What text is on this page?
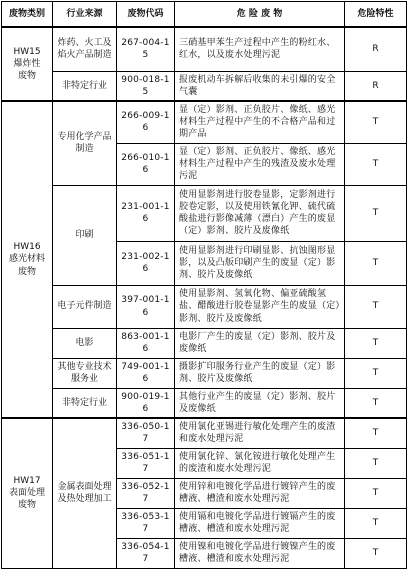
废物类别	行业来源	废物代码	危 险 废 物	危险特性
HW15
爆炸性
废物	炸药、火工及焰火产品制造	267-004-15	三硝基甲苯生产过程中产生的粉红水、红水，以及废水处理污泥	R
	非特定行业	900-018-15	报废机动车拆解后收集的未引爆的安全气囊	R
HW16
感光材料
废物	专用化学产品制造	266-009-16	显（定）影剂、正负胶片、像纸、感光材料生产过程中产生的不合格产品和过期产品	T
		266-010-16	显（定）影剂、正负胶片、像纸、感光材料生产过程中产生的残渣及废水处理污泥	T
	印刷	231-001-16	使用显影剂进行胶卷显影，定影剂进行胶卷定影，以及使用铁氰化钾、硫代硫酸盐进行影像减薄（漂白）产生的废显（定）影剂、胶片及废像纸	T
		231-002-16	使用显影剂进行印刷显影、抗蚀图形显影，以及凸版印刷产生的废显（定）影剂、胶片及废像纸	T
	电子元件制造	397-001-16	使用显影剂、氢氧化物、偏亚硫酸氢盐、醋酸进行胶卷显影产生的废显（定）影剂、胶片及废像纸	T
	电影	863-001-16	电影厂产生的废显（定）影剂、胶片及废像纸	T
	其他专业技术服务业	749-001-16	摄影扩印服务行业产生的废显（定）影剂、胶片及废像纸	T
	非特定行业	900-019-16	其他行业产生的废显（定）影剂、胶片及废像纸	T
HW17
表面处理
废物	金属表面处理及热处理加工	336-050-17	使用氯化亚锡进行敏化处理产生的废渣和废水处理污泥	T
		336-051-17	使用氯化锌、氯化铵进行敏化处理产生的废渣和废水处理污泥	T
		336-052-17	使用锌和电镀化学品进行镀锌产生的废槽液、槽渣和废水处理污泥	T
		336-053-17	使用镉和电镀化学品进行镀镉产生的废槽液、槽渣和废水处理污泥	T
		336-054-17	使用镍和电镀化学品进行镀镍产生的废槽液、槽渣和废水处理污泥	T
